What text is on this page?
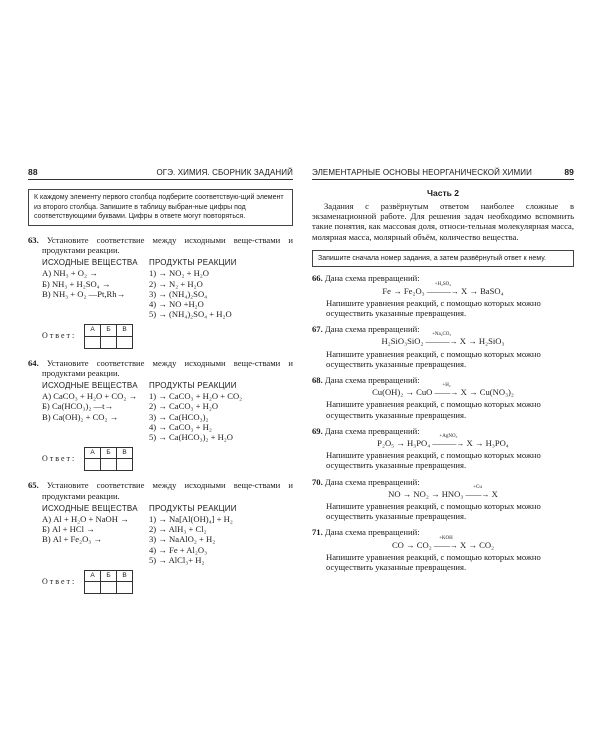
88	ОГЭ. ХИМИЯ. СБОРНИК ЗАДАНИЙ
К каждому элементу первого столбца подберите соответствую-щий элемент из второго столбца. Запишите в таблицу выбран-ные цифры под соответствующими буквами. Цифры в ответе могут повторяться.
63. Установите соответствие между исходными веще-ствами и продуктами реакции.
ИСХОДНЫЕ ВЕЩЕСТВА
А) NH₃ + O₂ →
Б) NH₃ + H₂SO₄ →
В) NH₃ + O₂ —Pt,Rh→
ПРОДУКТЫ РЕАКЦИИ
1) → NO₂ + H₂O
2) → N₂ + H₂O
3) → (NH₄)₂SO₄
4) → NO +H₂O
5) → (NH₄)₂SO₄ + H₂O
Ответ:
А	Б	В

64. Установите соответствие между исходными веще-ствами и продуктами реакции.
ИСХОДНЫЕ ВЕЩЕСТВА
А) CaCO₃ + H₂O + CO₂ →
Б) Ca(HCO₃)₂ —t→
В) Ca(OH)₂ + CO₂ →
ПРОДУКТЫ РЕАКЦИИ
1) → CaCO₃ + H₂O + CO₂
2) → CaCO₃ + H₂O
3) → Ca(HCO₃)₂
4) → CaCO₃ + H₂
5) → Ca(HCO₃)₂ + H₂O
Ответ:
А	Б	В

65. Установите соответствие между исходными веще-ствами и продуктами реакции.
ИСХОДНЫЕ ВЕЩЕСТВА
А) Al + H₂O + NaOH →
Б) Al + HCl →
В) Al + Fe₂O₃ →
ПРОДУКТЫ РЕАКЦИИ
1) → Na[Al(OH)₄] + H₂
2) → AlH₃ + Cl₂
3) → NaAlO₂ + H₂
4) → Fe + Al₂O₃
5) → AlCl₃+ H₂
Ответ:
А	Б	В

ЭЛЕМЕНТАРНЫЕ ОСНОВЫ НЕОРГАНИЧЕСКОЙ ХИМИИ	89
Часть 2
Задания с развёрнутым ответом наиболее сложные в экзаменационной работе. Для решения задач необходимо вспомнить такие понятия, как массовая доля, относи-тельная молекулярная масса, молярная масса, молярный объём, количество вещества.
Запишите сначала номер задания, а затем развёрнутый ответ к нему.
66. Дана схема превращений:
Fe → Fe₂O₃
+H₂SO₄
———→ X → BaSO₄
Напишите уравнения реакций, с помощью которых можно осуществить указанные превращения.
67. Дана схема превращений:
H₂SiO₃SiO₂
+Na₂CO₃
———→ X → H₂SiO₃
Напишите уравнения реакций, с помощью которых можно осуществить указанные превращения.
68. Дана схема превращений:
Cu(OH)₂ → CuO
+H₂
——→ X → Cu(NO₃)₂
Напишите уравнения реакций, с помощью которых можно осуществить указанные превращения.
69. Дана схема превращений:
P₂O₅ → H₃PO₄
+AgNO₃
———→ X → H₃PO₄
Напишите уравнения реакций, с помощью которых можно осуществить указанные превращения.
70. Дана схема превращений:
NO → NO₂ → HNO₃
+Cu
——→ X
Напишите уравнения реакций, с помощью которых можно осуществить указанные превращения.
71. Дана схема превращений:
CO → CO₂
+KOH
——→ X → CO₂
Напишите уравнения реакций, с помощью которых можно осуществить указанные превращения.
